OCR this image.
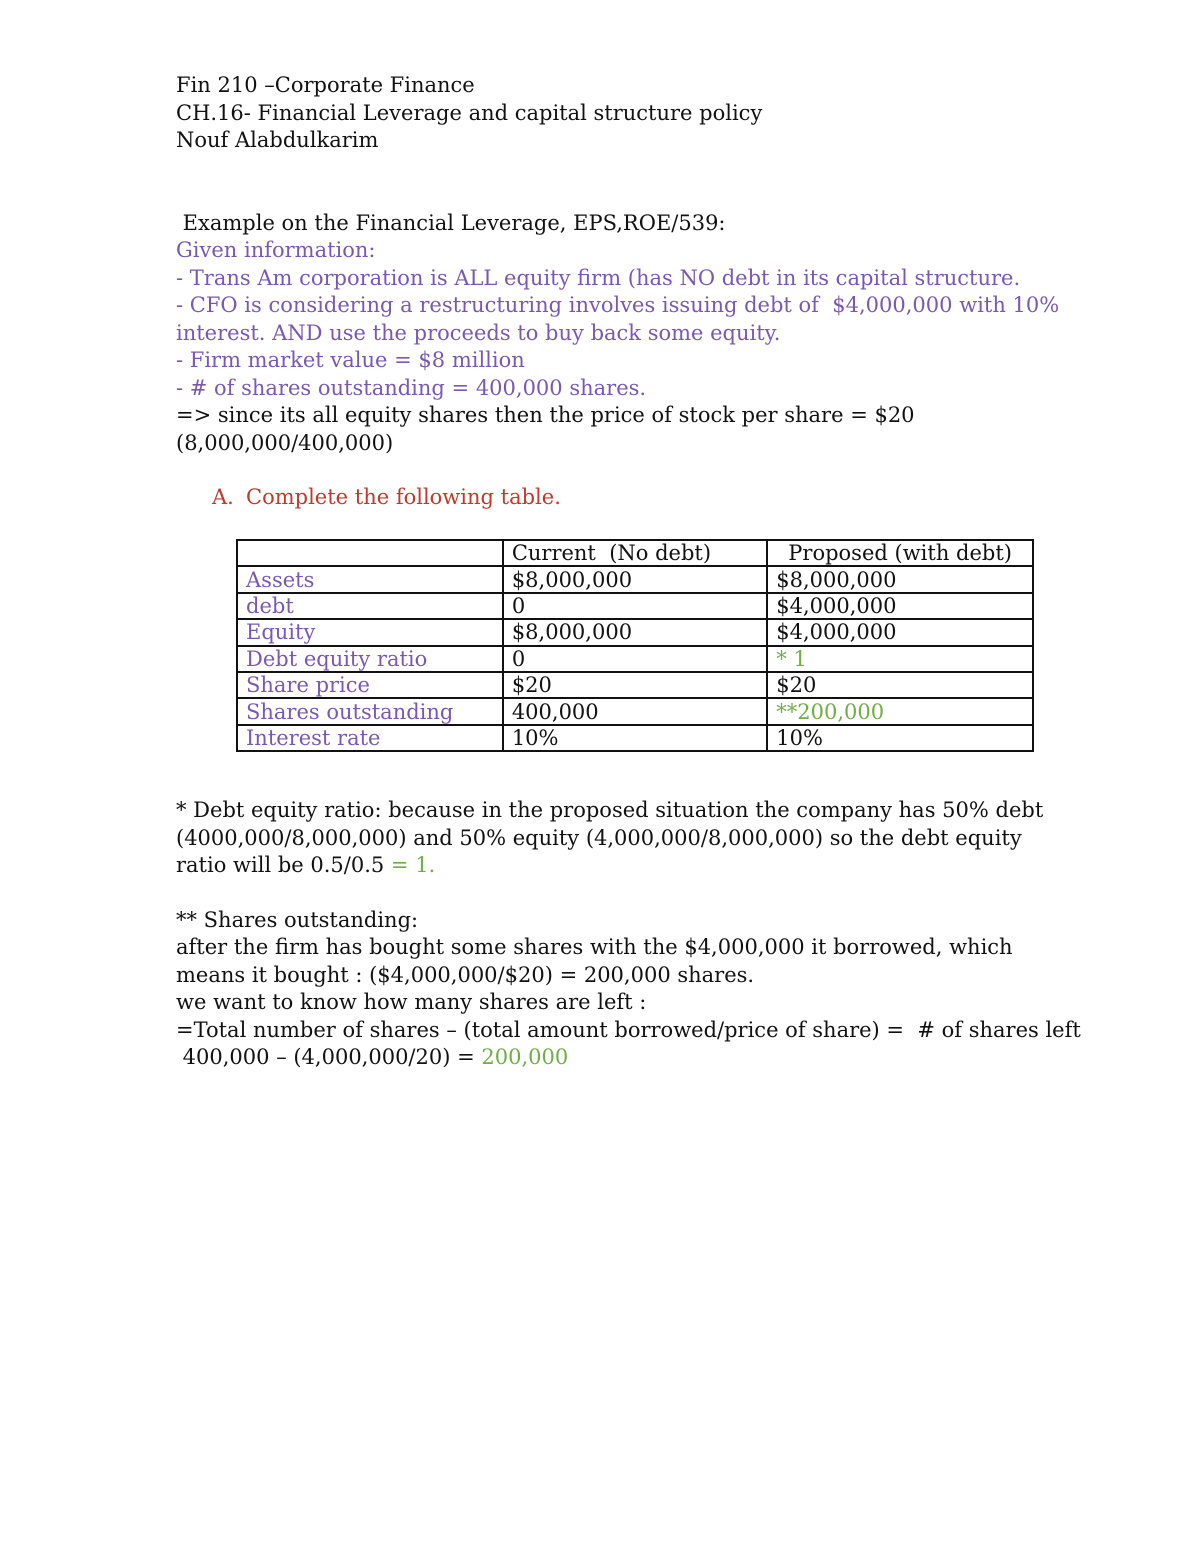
Fin 210 –Corporate Finance
CH.16- Financial Leverage and capital structure policy
Nouf Alabdulkarim
Example on the Financial Leverage, EPS,ROE/539:
Given information:
- Trans Am corporation is ALL equity firm (has NO debt in its capital structure.
- CFO is considering a restructuring involves issuing debt of  $4,000,000 with 10%
interest. AND use the proceeds to buy back some equity.
- Firm market value = $8 million
- # of shares outstanding = 400,000 shares.
=> since its all equity shares then the price of stock per share = $20
(8,000,000/400,000)
A. Complete the following table.
	Current  (No debt)	Proposed (with debt)
Assets	$8,000,000	$8,000,000
debt	0	$4,000,000
Equity	$8,000,000	$4,000,000
Debt equity ratio	0	* 1
Share price	$20	$20
Shares outstanding	400,000	**200,000
Interest rate	10%	10%
* Debt equity ratio: because in the proposed situation the company has 50% debt
(4000,000/8,000,000) and 50% equity (4,000,000/8,000,000) so the debt equity
ratio will be 0.5/0.5 = 1.
** Shares outstanding:
after the firm has bought some shares with the $4,000,000 it borrowed, which
means it bought : ($4,000,000/$20) = 200,000 shares.
we want to know how many shares are left :
=Total number of shares – (total amount borrowed/price of share) =  # of shares left
400,000 – (4,000,000/20) = 200,000
